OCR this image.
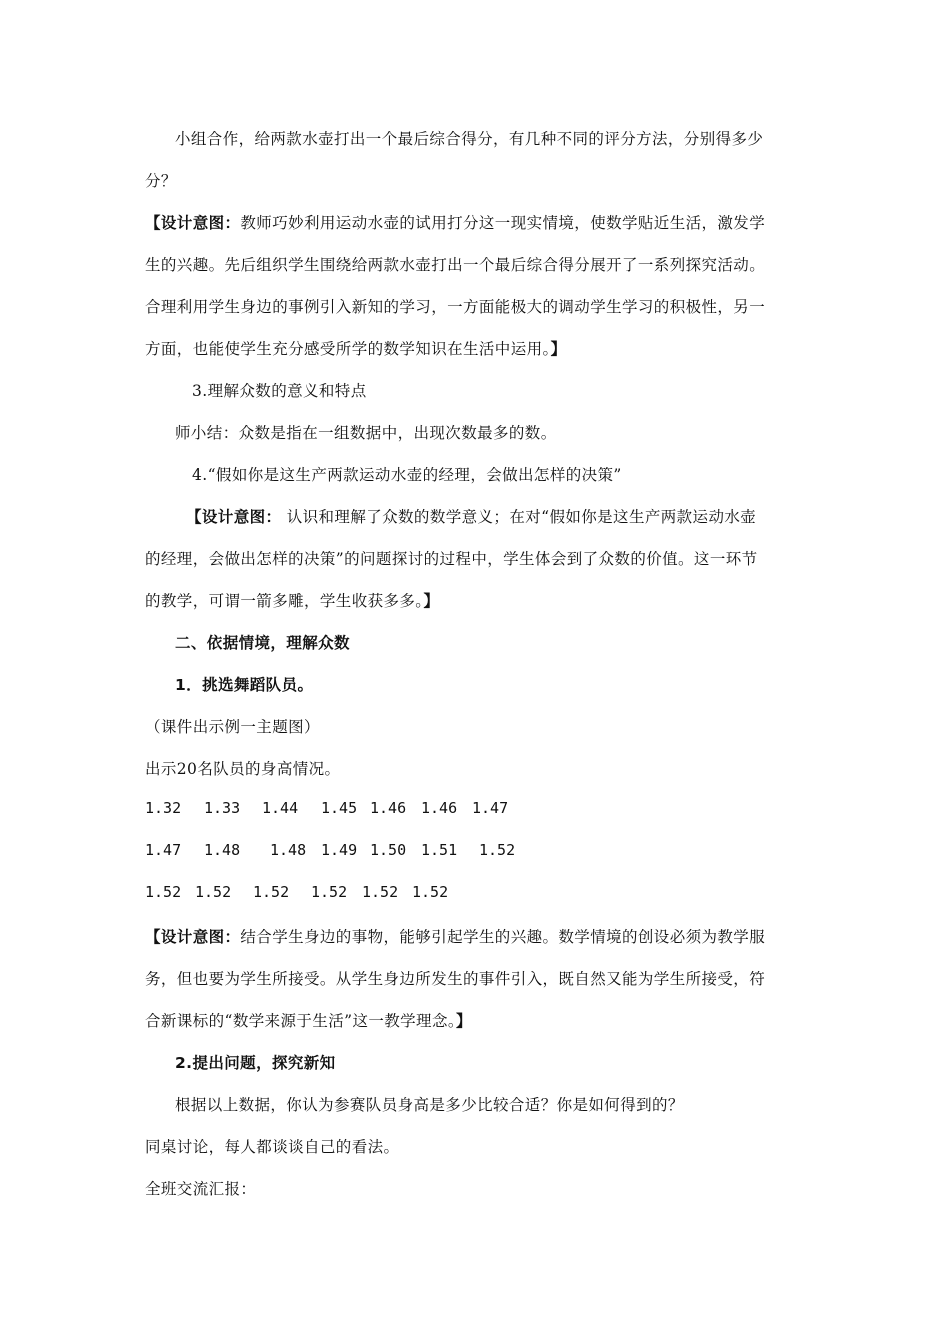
小组合作，给两款水壶打出一个最后综合得分，有几种不同的评分方法，分别得多少
分？
【设计意图：教师巧妙利用运动水壶的试用打分这一现实情境，使数学贴近生活，激发学
生的兴趣。先后组织学生围绕给两款水壶打出一个最后综合得分展开了一系列探究活动。
合理利用学生身边的事例引入新知的学习，一方面能极大的调动学生学习的积极性，另一
方面，也能使学生充分感受所学的数学知识在生活中运用。】
3.理解众数的意义和特点
师小结：众数是指在一组数据中，出现次数最多的数。
4.“假如你是这生产两款运动水壶的经理，会做出怎样的决策”
【设计意图： 认识和理解了众数的数学意义；在对“假如你是这生产两款运动水壶
的经理，会做出怎样的决策”的问题探讨的过程中，学生体会到了众数的价值。这一环节
的教学，可谓一箭多雕，学生收获多多。】
二、依据情境，理解众数
1．挑选舞蹈队员。
（课件出示例一主题图）
出示20名队员的身高情况。
1.32 1.33 1.44 1.45 1.46 1.46 1.47
1.47 1.48 1.48 1.49 1.50 1.51 1.52
1.52 1.52 1.52 1.52 1.52 1.52
【设计意图：结合学生身边的事物，能够引起学生的兴趣。数学情境的创设必须为教学服
务，但也要为学生所接受。从学生身边所发生的事件引入，既自然又能为学生所接受，符
合新课标的“数学来源于生活”这一教学理念。】
2.提出问题，探究新知
根据以上数据，你认为参赛队员身高是多少比较合适？你是如何得到的？
同桌讨论，每人都谈谈自己的看法。
全班交流汇报：
